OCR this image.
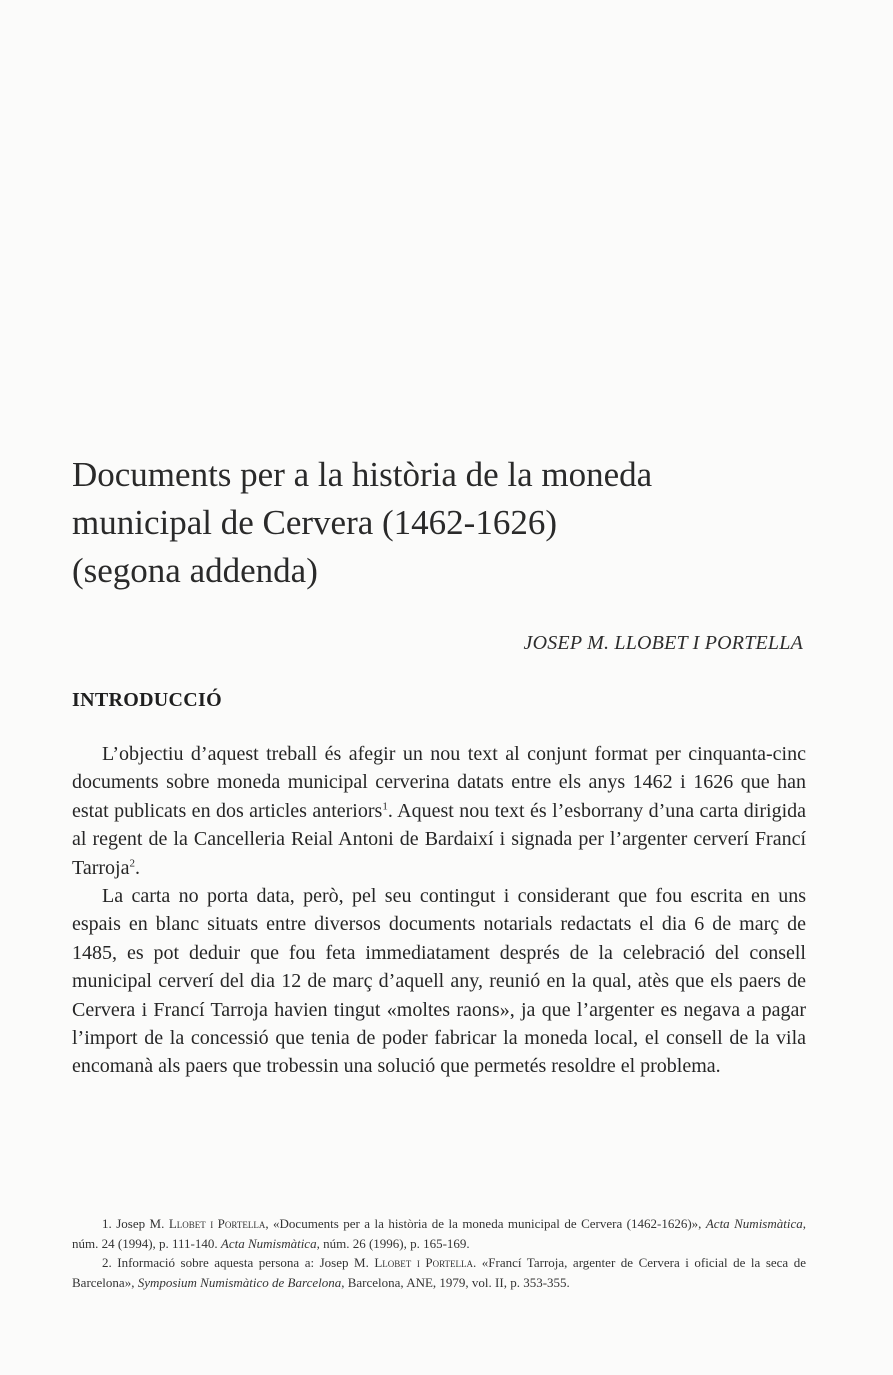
Documents per a la història de la moneda
municipal de Cervera (1462-1626)
(segona addenda)
JOSEP M. LLOBET I PORTELLA
INTRODUCCIÓ

L’objectiu d’aquest treball és afegir un nou text al conjunt format per cinquanta-cinc documents sobre moneda municipal cerverina datats entre els anys 1462 i 1626 que han estat publicats en dos articles anteriors$^1$. Aquest nou text és l’esborrany d’una carta dirigida al regent de la Cancelleria Reial Antoni de Bardaixí i signada per l’argenter cerverí Francí Tarroja$^2$.

La carta no porta data, però, pel seu contingut i considerant que fou escrita en uns espais en blanc situats entre diversos documents notarials redactats el dia 6 de març de 1485, es pot deduir que fou feta immediatament després de la celebració del consell municipal cerverí del dia 12 de març d’aquell any, reunió en la qual, atès que els paers de Cervera i Francí Tarroja havien tingut «moltes raons», ja que l’argenter es negava a pagar l’import de la concessió que tenia de poder fabricar la moneda local, el consell de la vila encomanà als paers que trobessin una solució que permetés resoldre el problema.

1. Josep M. Llobet i Portella, «Documents per a la història de la moneda municipal de Cervera (1462-1626)», Acta Numismàtica, núm. 24 (1994), p. 111-140. Acta Numismàtica, núm. 26 (1996), p. 165-169.

2. Informació sobre aquesta persona a: Josep M. Llobet i Portella. «Francí Tarroja, argenter de Cervera i oficial de la seca de Barcelona», Symposium Numismàtico de Barcelona, Barcelona, ANE, 1979, vol. II, p. 353-355.
